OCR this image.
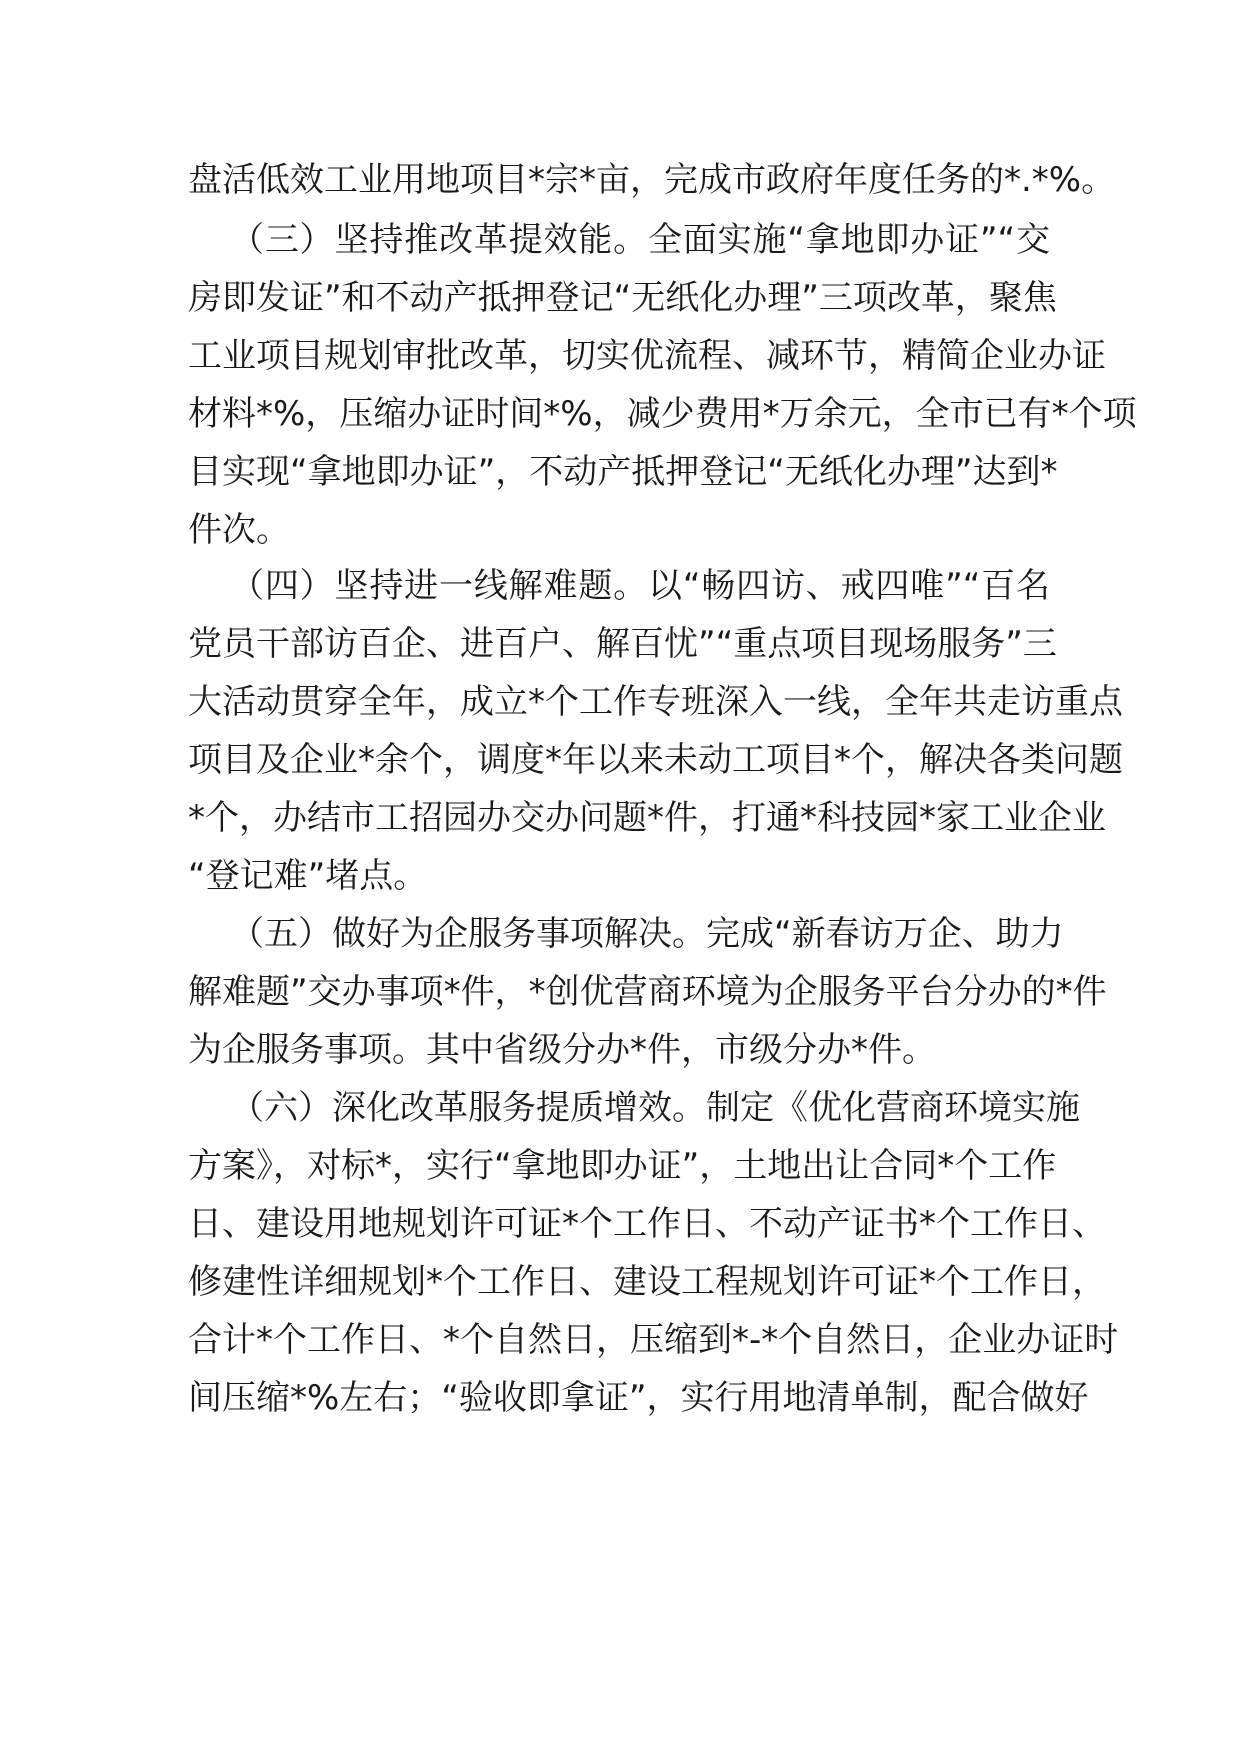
盘活低效工业用地项目*宗*亩，完成市政府年度任务的*.*%。

（三）坚持推改革提效能。全面实施“拿地即办证”“交

房即发证”和不动产抵押登记“无纸化办理”三项改革，聚焦

工业项目规划审批改革，切实优流程、减环节，精简企业办证

材料*%，压缩办证时间*%，减少费用*万余元，全市已有*个项

目实现“拿地即办证”，不动产抵押登记“无纸化办理”达到*

件次。

（四）坚持进一线解难题。以“畅四访、戒四唯”“百名

党员干部访百企、进百户、解百忧”“重点项目现场服务”三

大活动贯穿全年，成立*个工作专班深入一线，全年共走访重点

项目及企业*余个，调度*年以来未动工项目*个，解决各类问题

*个，办结市工招园办交办问题*件，打通*科技园*家工业企业

“登记难”堵点。

（五）做好为企服务事项解决。完成“新春访万企、助力

解难题”交办事项*件，*创优营商环境为企服务平台分办的*件

为企服务事项。其中省级分办*件，市级分办*件。

（六）深化改革服务提质增效。制定《优化营商环境实施

方案》，对标*，实行“拿地即办证”，土地出让合同*个工作

日、建设用地规划许可证*个工作日、不动产证书*个工作日、

修建性详细规划*个工作日、建设工程规划许可证*个工作日，

合计*个工作日、*个自然日，压缩到*-*个自然日，企业办证时

间压缩*%左右；“验收即拿证”，实行用地清单制，配合做好
